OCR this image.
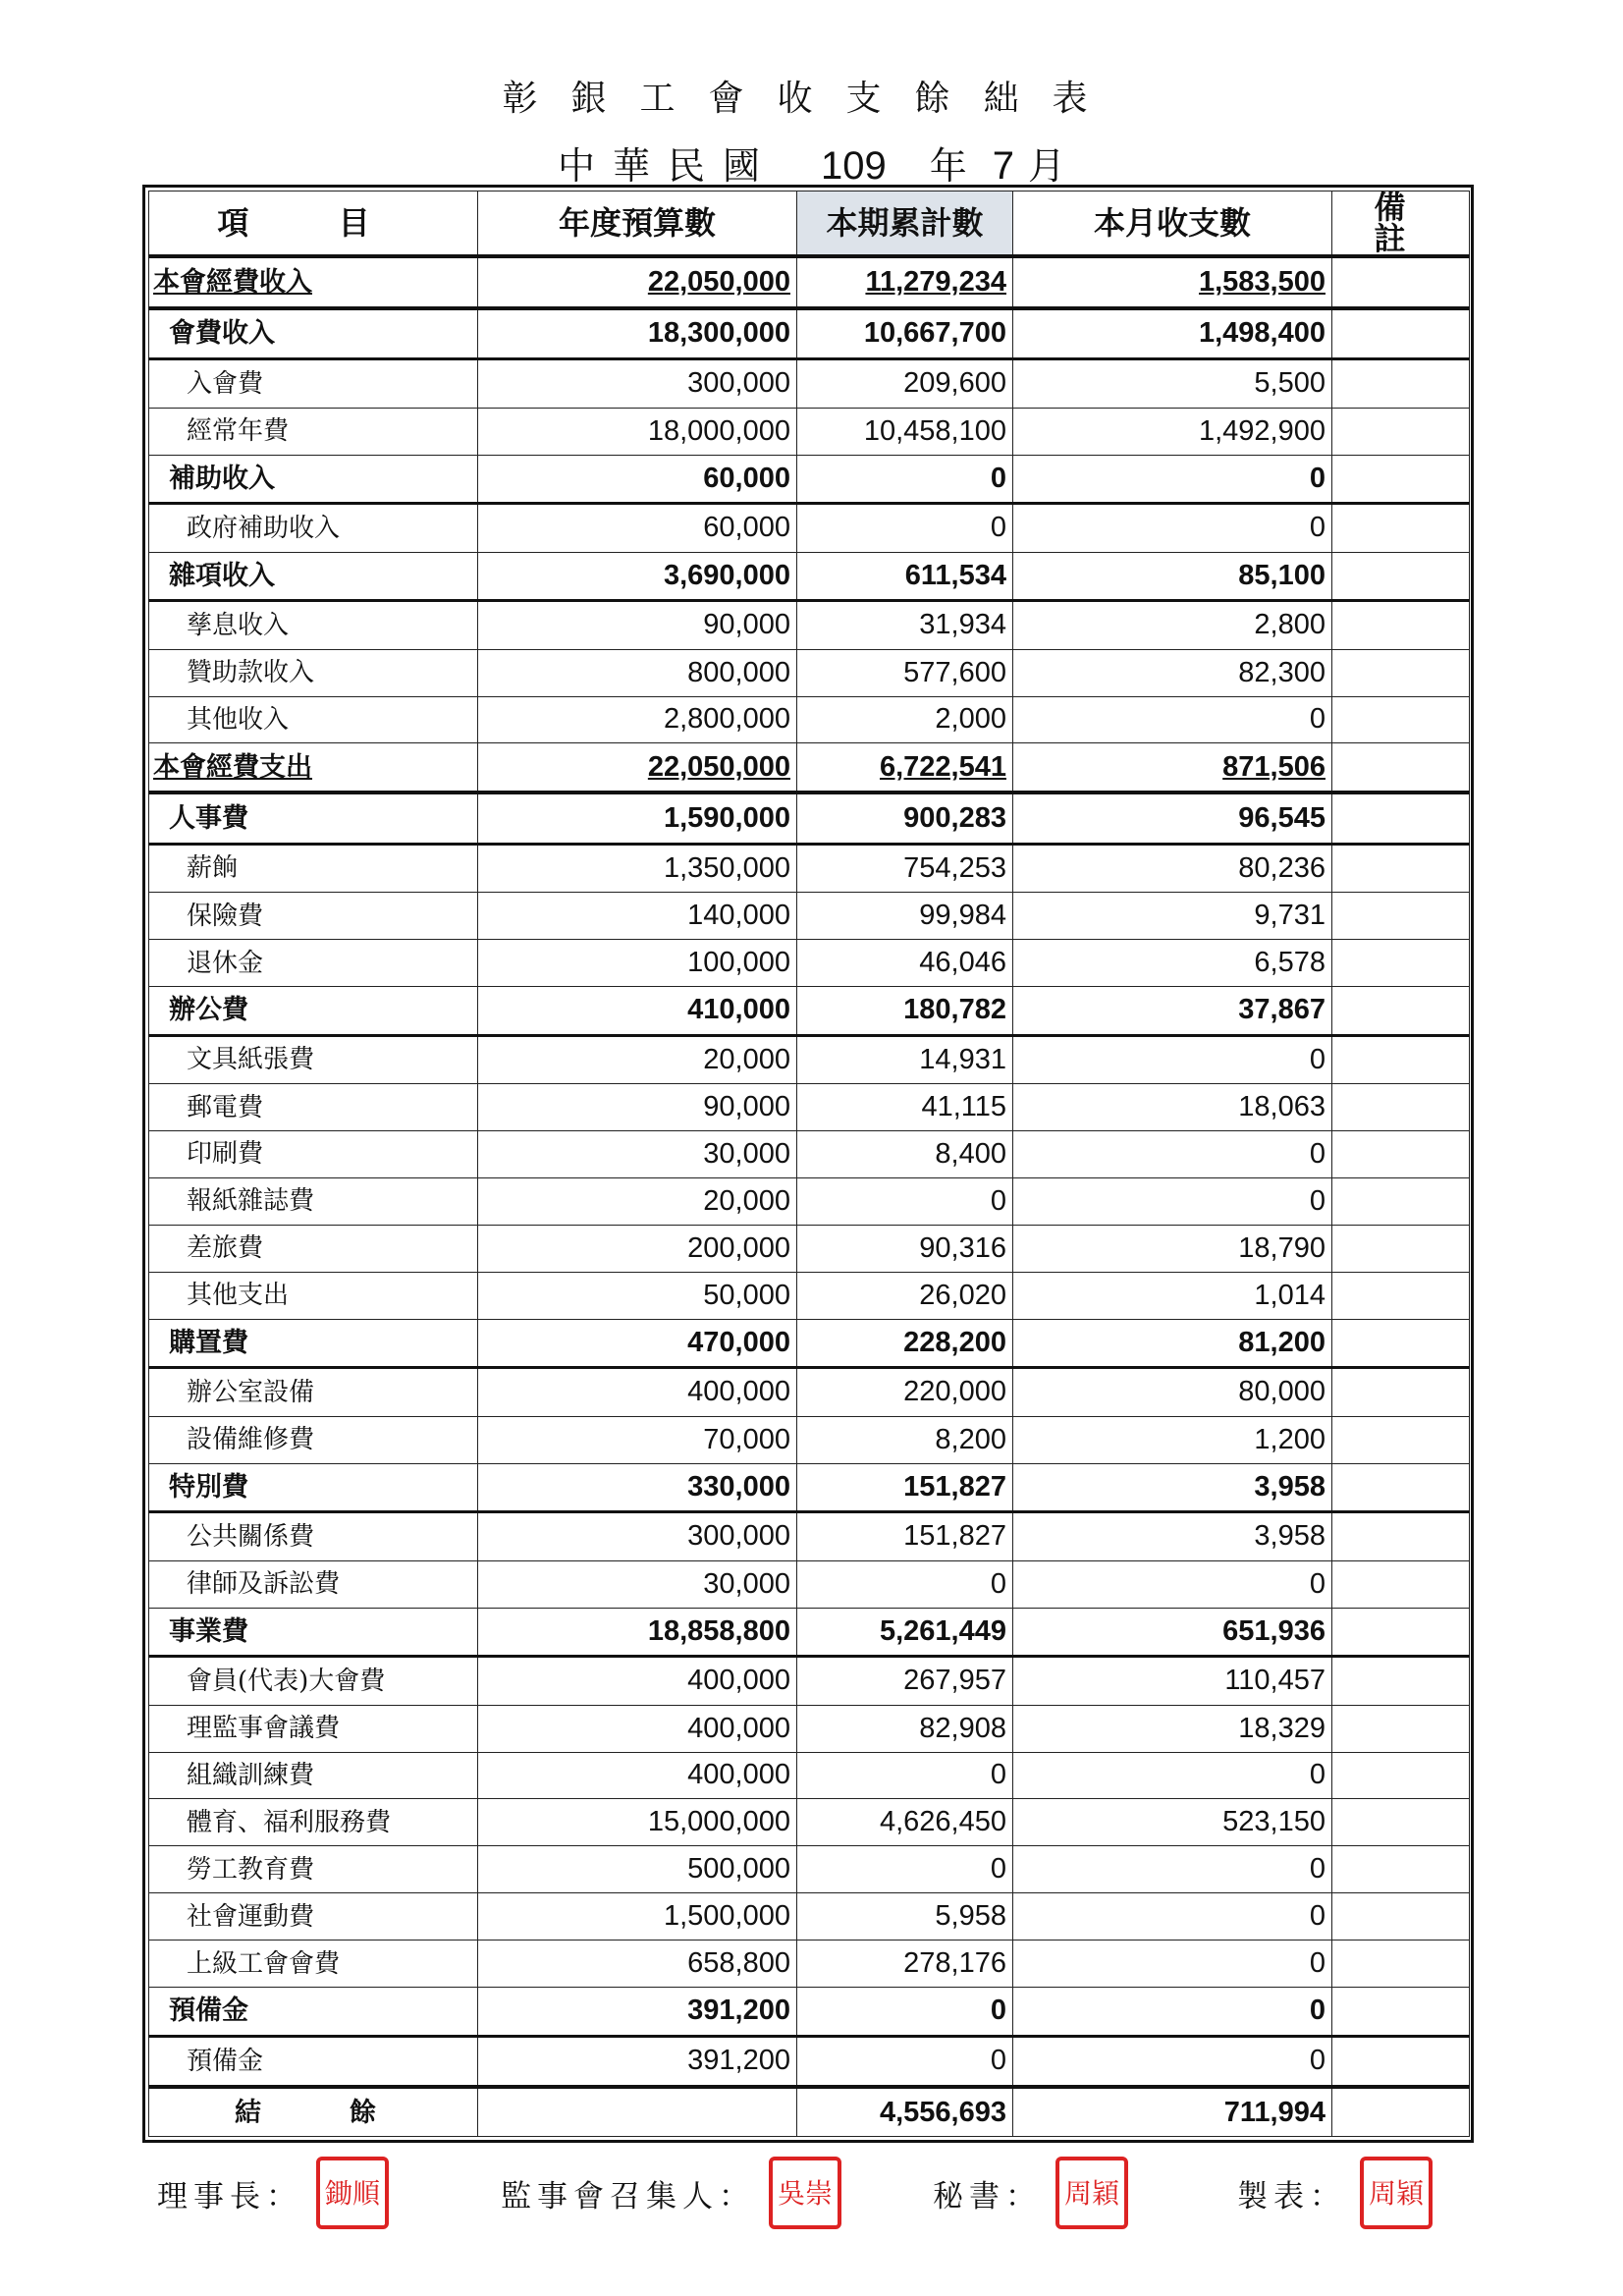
彰銀工會收支餘絀表
中華民國 109 年 7 月
項 目	年度預算數	本期累計數	本月收支數	備 註
本會經費收入	22,050,000	11,279,234	1,583,500	
會費收入	18,300,000	10,667,700	1,498,400	
入會費	300,000	209,600	5,500	
經常年費	18,000,000	10,458,100	1,492,900	
補助收入	60,000	0	0	
政府補助收入	60,000	0	0	
雜項收入	3,690,000	611,534	85,100	
孳息收入	90,000	31,934	2,800	
贊助款收入	800,000	577,600	82,300	
其他收入	2,800,000	2,000	0	
本會經費支出	22,050,000	6,722,541	871,506	
人事費	1,590,000	900,283	96,545	
薪餉	1,350,000	754,253	80,236	
保險費	140,000	99,984	9,731	
退休金	100,000	46,046	6,578	
辦公費	410,000	180,782	37,867	
文具紙張費	20,000	14,931	0	
郵電費	90,000	41,115	18,063	
印刷費	30,000	8,400	0	
報紙雜誌費	20,000	0	0	
差旅費	200,000	90,316	18,790	
其他支出	50,000	26,020	1,014	
購置費	470,000	228,200	81,200	
辦公室設備	400,000	220,000	80,000	
設備維修費	70,000	8,200	1,200	
特別費	330,000	151,827	3,958	
公共關係費	300,000	151,827	3,958	
律師及訴訟費	30,000	0	0	
事業費	18,858,800	5,261,449	651,936	
會員(代表)大會費	400,000	267,957	110,457	
理監事會議費	400,000	82,908	18,329	
組織訓練費	400,000	0	0	
體育、福利服務費	15,000,000	4,626,450	523,150	
勞工教育費	500,000	0	0	
社會運動費	1,500,000	5,958	0	
上級工會會費	658,800	278,176	0	
預備金	391,200	0	0	
預備金	391,200	0	0	
結餘		4,556,693	711,994	
理事長： 鋤順	監事會召集人： 吳崇	秘書： 周穎	製表： 周穎
